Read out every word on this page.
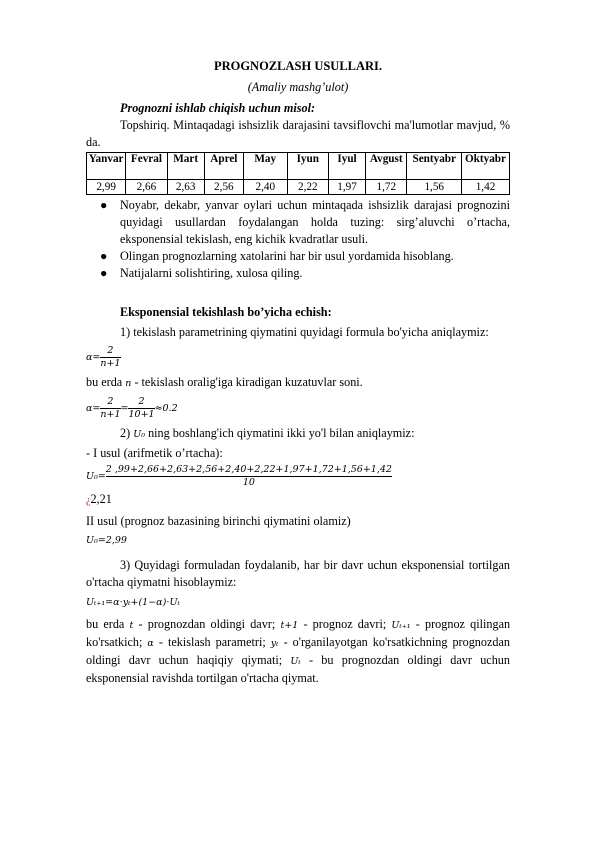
PROGNOZLASH USULLARI.

(Amaliy mashg’ulot)

Prognozni ishlab chiqish uchun misol:

Topshiriq. Mintaqadagi ishsizlik darajasini tavsiflovchi ma'lumotlar mavjud, % da.

Yanvar	Fevral	Mart	Aprel	May	Iyun	Iyul	Avgust	Sentyabr	Oktyabr
2,99	2,66	2,63	2,56	2,40	2,22	1,97	1,72	1,56	1,42
● Noyabr, dekabr, yanvar oylari uchun mintaqada ishsizlik darajasi prognozini quyidagi usullardan foydalangan holda tuzing: sirg’aluvchi o’rtacha, eksponensial tekislash, eng kichik kvadratlar usuli.
● Olingan prognozlarning xatolarini har bir usul yordamida hisoblang.
● Natijalarni solishtiring, xulosa qiling.

Eksponensial tekishlash bo’yicha echish:

1) tekislash parametrining qiymatini quyidagi formula bo'yicha aniqlaymiz:

$\alpha= \frac{2}{n+1}$

bu erda n - tekislash oralig'iga kiradigan kuzatuvlar soni.

$\alpha= \frac{2}{n+1} = \frac{2}{10+1} \approx 0.2$

2) U₀ ning boshlang'ich qiymatini ikki yo'l bilan aniqlaymiz:

- I usul (arifmetik o’rtacha):

$U_0= \frac{2 ,99+2,66+2,63+2,56+2,40+2,22+1,97+1,72+1,56+1,42}{10}$

¿2,21

II usul (prognoz bazasining birinchi qiymatini olamiz)

U₀=2,99

3) Quyidagi formuladan foydalanib, har bir davr uchun eksponensial tortilgan o'rtacha qiymatni hisoblaymiz:

Uₜ₊₁=α⋅yₜ+(1−α)⋅Uₜ

bu erda t - prognozdan oldingi davr; t+1 - prognoz davri; Uₜ₊₁ - prognoz qilingan ko'rsatkich; α - tekislash parametri; yₜ - o'rganilayotgan ko'rsatkichning prognozdan oldingi davr uchun haqiqiy qiymati; Uₜ - bu prognozdan oldingi davr uchun eksponensial ravishda tortilgan o'rtacha qiymat.
